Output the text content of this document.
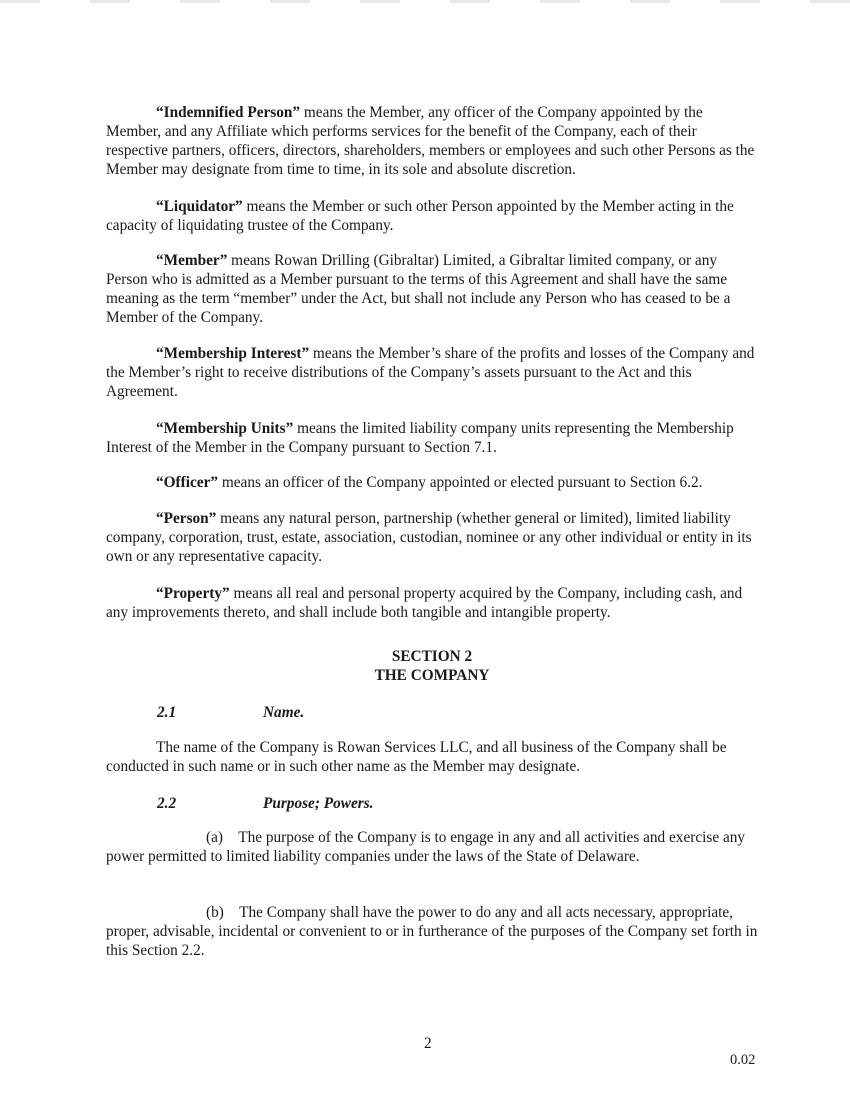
“Indemnified Person” means the Member, any officer of the Company appointed by the Member, and any Affiliate which performs services for the benefit of the Company, each of their respective partners, officers, directors, shareholders, members or employees and such other Persons as the Member may designate from time to time, in its sole and absolute discretion.

“Liquidator” means the Member or such other Person appointed by the Member acting in the capacity of liquidating trustee of the Company.

“Member” means Rowan Drilling (Gibraltar) Limited, a Gibraltar limited company, or any Person who is admitted as a Member pursuant to the terms of this Agreement and shall have the same meaning as the term “member” under the Act, but shall not include any Person who has ceased to be a Member of the Company.

“Membership Interest” means the Member’s share of the profits and losses of the Company and the Member’s right to receive distributions of the Company’s assets pursuant to the Act and this Agreement.

“Membership Units” means the limited liability company units representing the Membership Interest of the Member in the Company pursuant to Section 7.1.

“Officer” means an officer of the Company appointed or elected pursuant to Section 6.2.

“Person” means any natural person, partnership (whether general or limited), limited liability company, corporation, trust, estate, association, custodian, nominee or any other individual or entity in its own or any representative capacity.

“Property” means all real and personal property acquired by the Company, including cash, and any improvements thereto, and shall include both tangible and intangible property.

SECTION 2

THE COMPANY

2.1	Name.

The name of the Company is Rowan Services LLC, and all business of the Company shall be conducted in such name or in such other name as the Member may designate.

2.2	Purpose; Powers.

(a) The purpose of the Company is to engage in any and all activities and exercise any power permitted to limited liability companies under the laws of the State of Delaware.

(b) The Company shall have the power to do any and all acts necessary, appropriate, proper, advisable, incidental or convenient to or in furtherance of the purposes of the Company set forth in this Section 2.2.

2
0.02
